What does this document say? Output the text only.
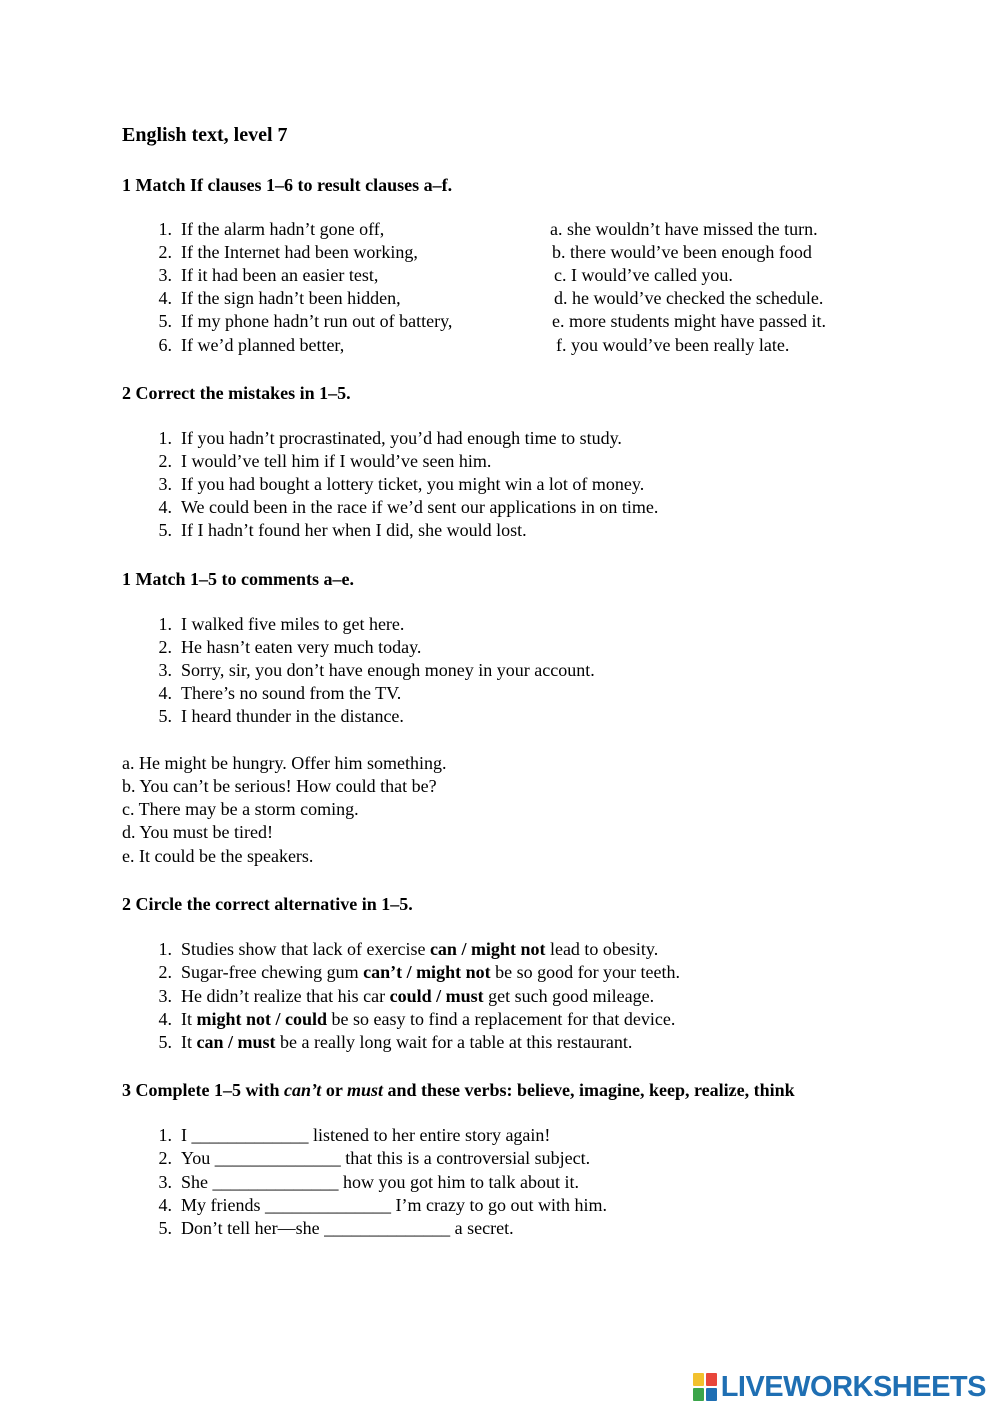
English text, level 7
1 Match If clauses 1–6 to result clauses a–f.
1. If the alarm hadn’t gone off,	a. she wouldn’t have missed the turn.
2. If the Internet had been working,	b. there would’ve been enough food
3. If it had been an easier test,	c. I would’ve called you.
4. If the sign hadn’t been hidden,	d. he would’ve checked the schedule.
5. If my phone hadn’t run out of battery,	e. more students might have passed it.
6. If we’d planned better,	f. you would’ve been really late.
2 Correct the mistakes in 1–5.
1. If you hadn’t procrastinated, you’d had enough time to study.
2. I would’ve tell him if I would’ve seen him.
3. If you had bought a lottery ticket, you might win a lot of money.
4. We could been in the race if we’d sent our applications in on time.
5. If I hadn’t found her when I did, she would lost.
1 Match 1–5 to comments a–e.
1. I walked five miles to get here.
2. He hasn’t eaten very much today.
3. Sorry, sir, you don’t have enough money in your account.
4. There’s no sound from the TV.
5. I heard thunder in the distance.
a. He might be hungry. Offer him something.
b. You can’t be serious! How could that be?
c. There may be a storm coming.
d. You must be tired!
e. It could be the speakers.
2 Circle the correct alternative in 1–5.
1. Studies show that lack of exercise can / might not lead to obesity.
2. Sugar-free chewing gum can’t / might not be so good for your teeth.
3. He didn’t realize that his car could / must get such good mileage.
4. It might not / could be so easy to find a replacement for that device.
5. It can / must be a really long wait for a table at this restaurant.
3 Complete 1–5 with can’t or must and these verbs: believe, imagine, keep, realize, think
1. I _____________ listened to her entire story again!
2. You ______________ that this is a controversial subject.
3. She ______________ how you got him to talk about it.
4. My friends ______________ I’m crazy to go out with him.
5. Don’t tell her—she ______________ a secret.
LIVEWORKSHEETS
